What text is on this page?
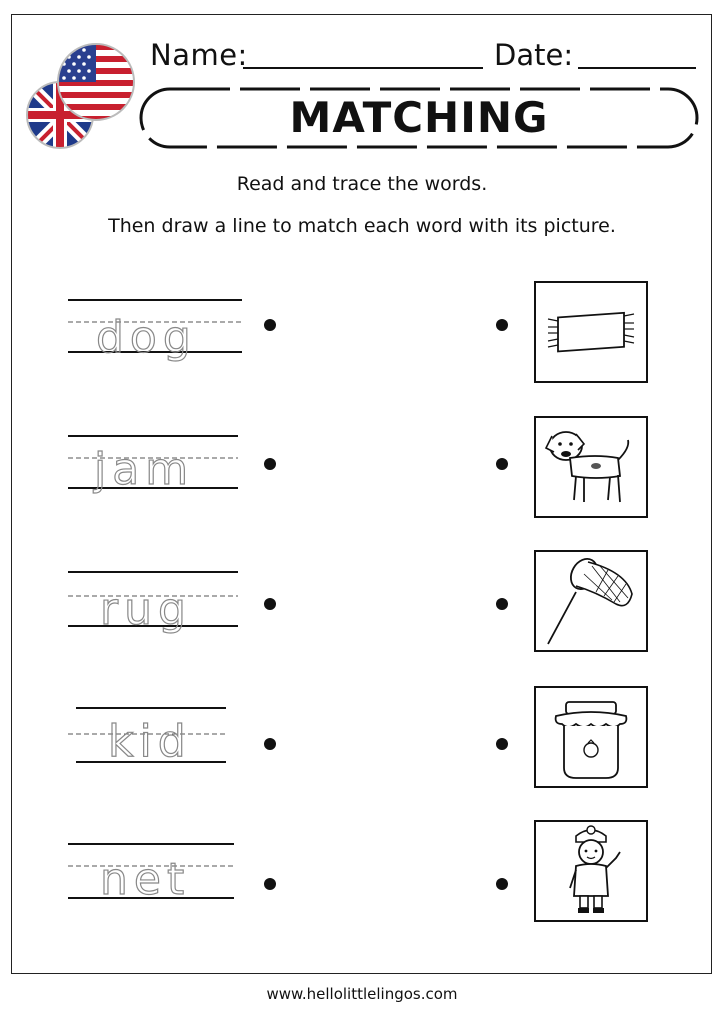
Name:	Date:
MATCHING
Read and trace the words.
Then draw a line to match each word with its picture.
dog
jam
rug
kid
net
www.hellolittlelingos.com
